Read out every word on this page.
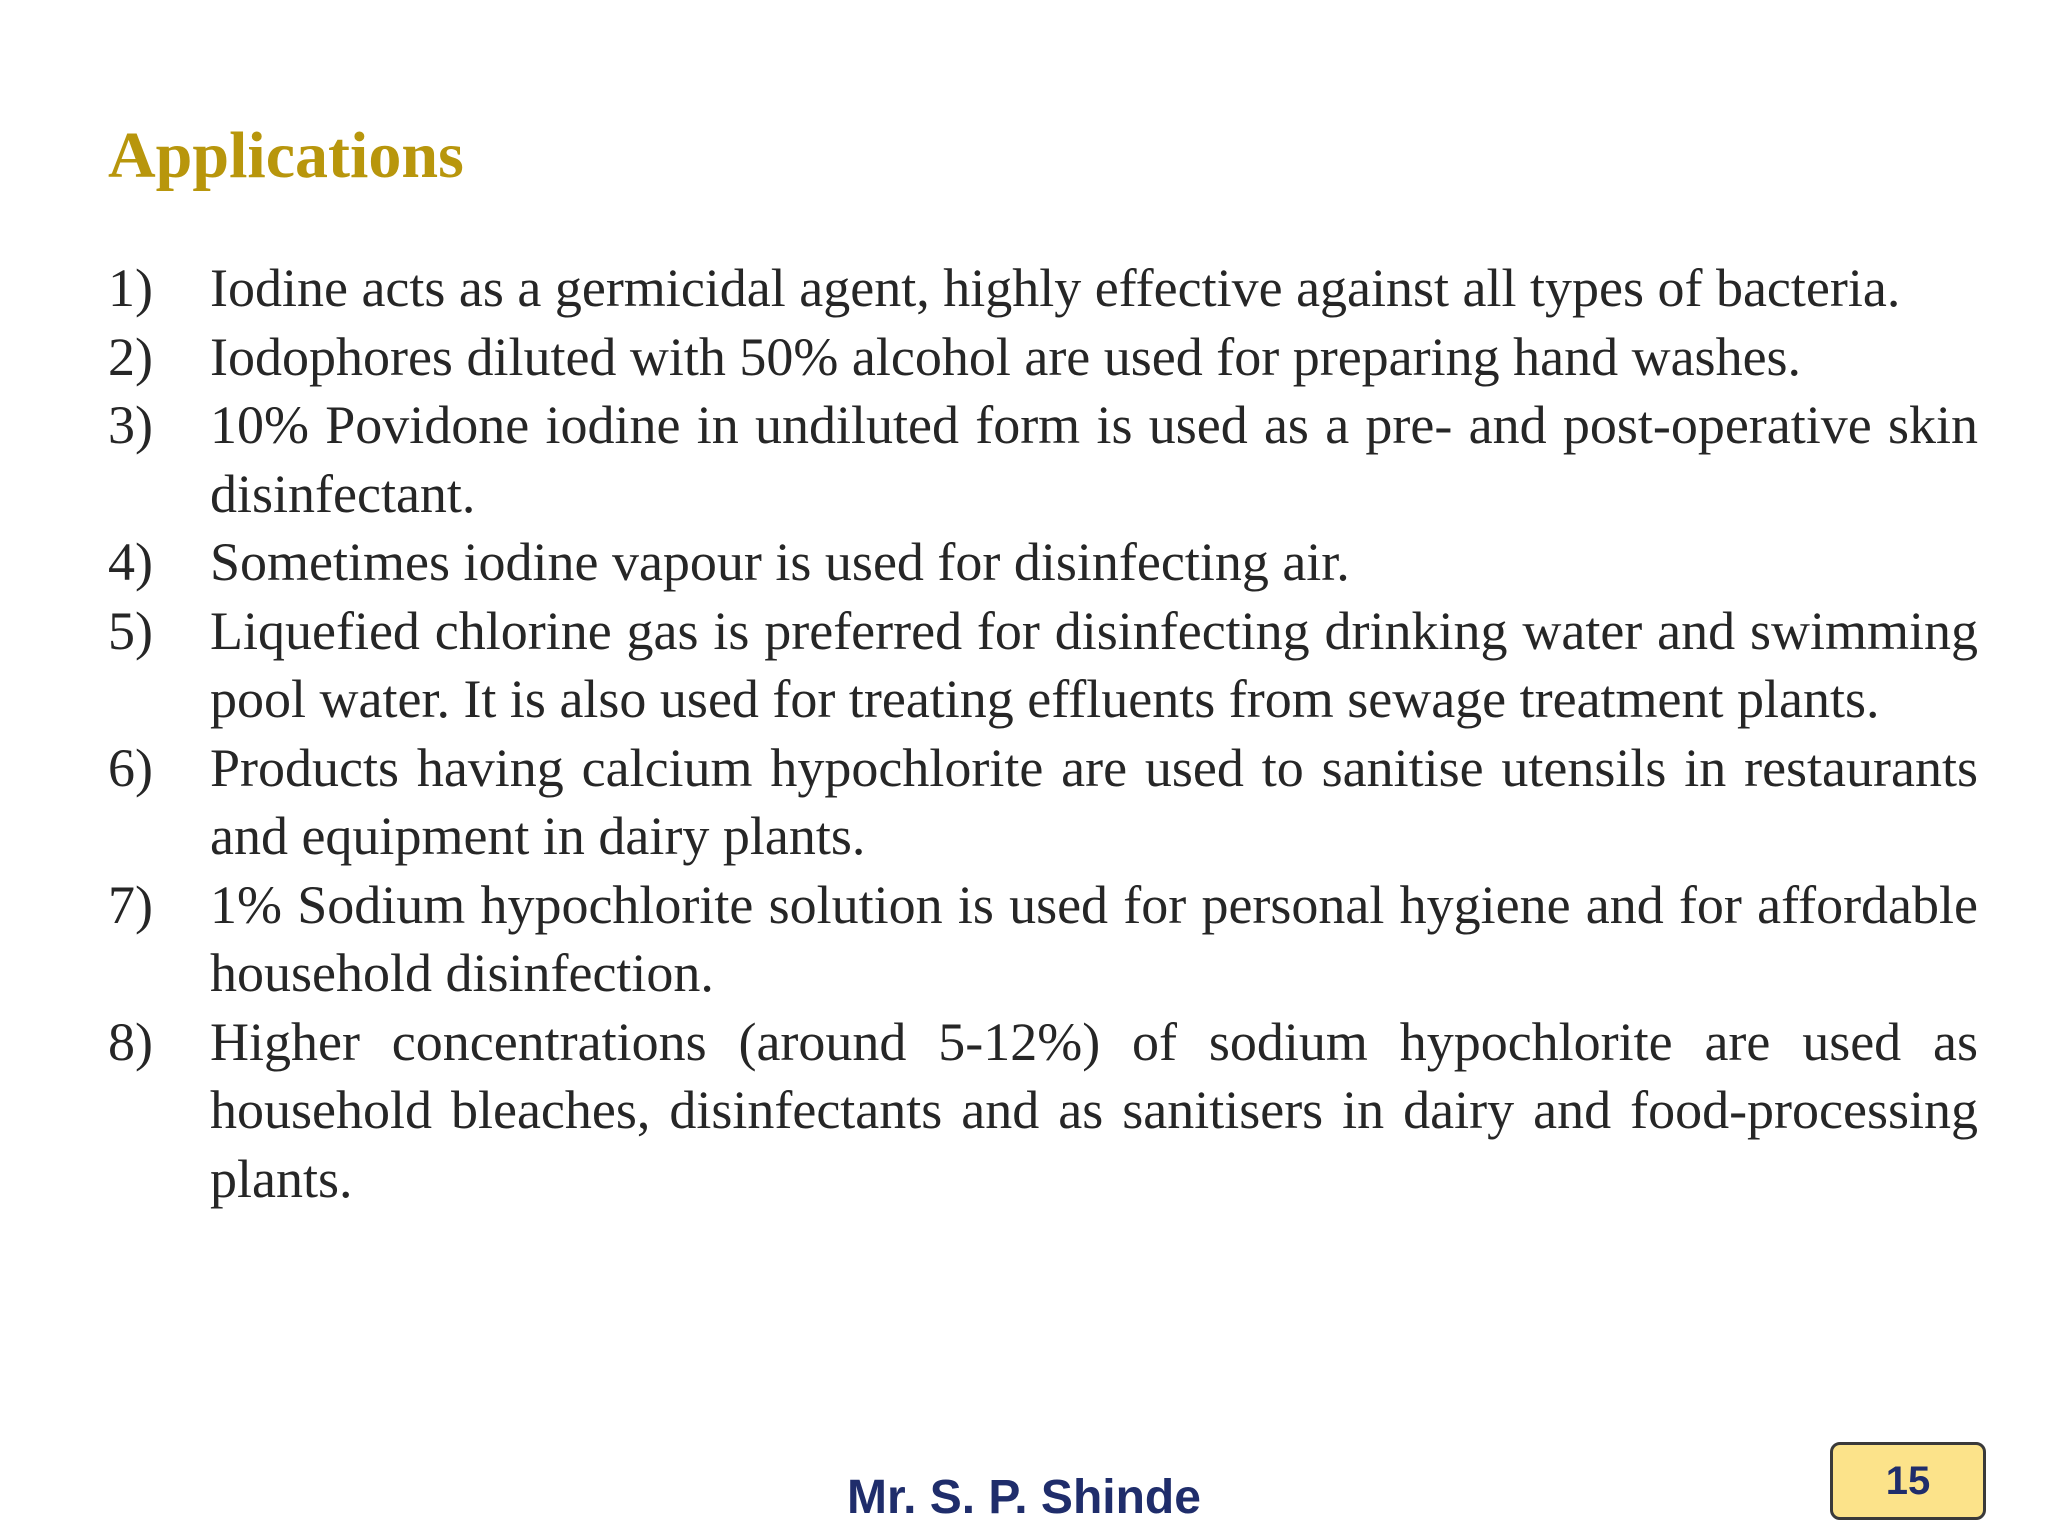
Applications
1) Iodine acts as a germicidal agent, highly effective against all types of bacteria.
2) Iodophores diluted with 50% alcohol are used for preparing hand washes.
3) 10% Povidone iodine in undiluted form is used as a pre- and post-operative skin disinfectant.
4) Sometimes iodine vapour is used for disinfecting air.
5) Liquefied chlorine gas is preferred for disinfecting drinking water and swimming pool water. It is also used for treating effluents from sewage treatment plants.
6) Products having calcium hypochlorite are used to sanitise utensils in restaurants and equipment in dairy plants.
7) 1% Sodium hypochlorite solution is used for personal hygiene and for affordable household disinfection.
8) Higher concentrations (around 5-12%) of sodium hypochlorite are used as household bleaches, disinfectants and as sanitisers in dairy and food-processing plants.
Mr. S. P. Shinde	15
